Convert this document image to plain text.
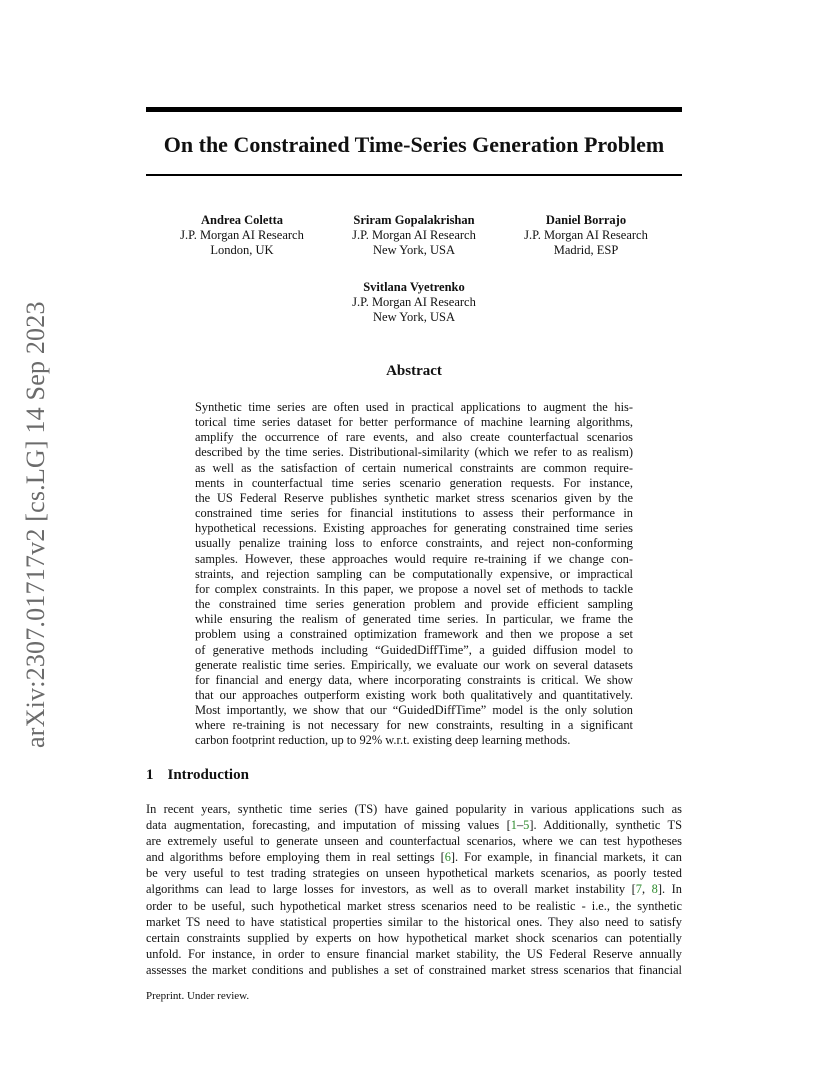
arXiv:2307.01717v2 [cs.LG] 14 Sep 2023
On the Constrained Time-Series Generation Problem
Andrea Coletta
J.P. Morgan AI Research
London, UK
Sriram Gopalakrishan
J.P. Morgan AI Research
New York, USA
Daniel Borrajo
J.P. Morgan AI Research
Madrid, ESP
Svitlana Vyetrenko
J.P. Morgan AI Research
New York, USA
Abstract
Synthetic time series are often used in practical applications to augment the his-
torical time series dataset for better performance of machine learning algorithms,
amplify the occurrence of rare events, and also create counterfactual scenarios
described by the time series. Distributional-similarity (which we refer to as realism)
as well as the satisfaction of certain numerical constraints are common require-
ments in counterfactual time series scenario generation requests. For instance,
the US Federal Reserve publishes synthetic market stress scenarios given by the
constrained time series for financial institutions to assess their performance in
hypothetical recessions. Existing approaches for generating constrained time series
usually penalize training loss to enforce constraints, and reject non-conforming
samples. However, these approaches would require re-training if we change con-
straints, and rejection sampling can be computationally expensive, or impractical
for complex constraints. In this paper, we propose a novel set of methods to tackle
the constrained time series generation problem and provide efficient sampling
while ensuring the realism of generated time series. In particular, we frame the
problem using a constrained optimization framework and then we propose a set
of generative methods including “GuidedDiffTime”, a guided diffusion model to
generate realistic time series. Empirically, we evaluate our work on several datasets
for financial and energy data, where incorporating constraints is critical. We show
that our approaches outperform existing work both qualitatively and quantitatively.
Most importantly, we show that our “GuidedDiffTime” model is the only solution
where re-training is not necessary for new constraints, resulting in a significant
carbon footprint reduction, up to 92% w.r.t. existing deep learning methods.
1 Introduction
In recent years, synthetic time series (TS) have gained popularity in various applications such as
data augmentation, forecasting, and imputation of missing values [1–5]. Additionally, synthetic TS
are extremely useful to generate unseen and counterfactual scenarios, where we can test hypotheses
and algorithms before employing them in real settings [6]. For example, in financial markets, it can
be very useful to test trading strategies on unseen hypothetical markets scenarios, as poorly tested
algorithms can lead to large losses for investors, as well as to overall market instability [7, 8]. In
order to be useful, such hypothetical market stress scenarios need to be realistic - i.e., the synthetic
market TS need to have statistical properties similar to the historical ones. They also need to satisfy
certain constraints supplied by experts on how hypothetical market shock scenarios can potentially
unfold. For instance, in order to ensure financial market stability, the US Federal Reserve annually
assesses the market conditions and publishes a set of constrained market stress scenarios that financial
Preprint. Under review.
